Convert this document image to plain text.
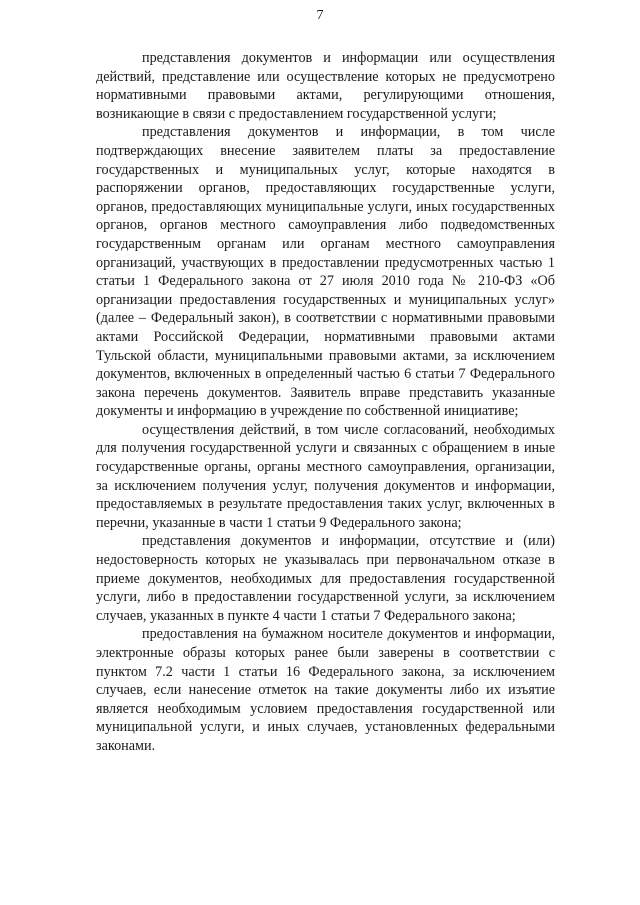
7

представления документов и информации или осуществления действий, представление или осуществление которых не предусмотрено нормативными правовыми актами, регулирующими отношения, возникающие в связи с предоставлением государственной услуги;

представления документов и информации, в том числе подтверждающих внесение заявителем платы за предоставление государственных и муниципальных услуг, которые находятся в распоряжении органов, предоставляющих государственные услуги, органов, предоставляющих муниципальные услуги, иных государственных органов, органов местного самоуправления либо подведомственных государственным органам или органам местного самоуправления организаций, участвующих в предоставлении предусмотренных частью 1 статьи 1 Федерального закона от 27 июля 2010 года № 210-ФЗ «Об организации предоставления государственных и муниципальных услуг» (далее – Федеральный закон), в соответствии с нормативными правовыми актами Российской Федерации, нормативными правовыми актами Тульской области, муниципальными правовыми актами, за исключением документов, включенных в определенный частью 6 статьи 7 Федерального закона перечень документов. Заявитель вправе представить указанные документы и информацию в учреждение по собственной инициативе;

осуществления действий, в том числе согласований, необходимых для получения государственной услуги и связанных с обращением в иные государственные органы, органы местного самоуправления, организации, за исключением получения услуг, получения документов и информации, предоставляемых в результате предоставления таких услуг, включенных в перечни, указанные в части 1 статьи 9 Федерального закона;

представления документов и информации, отсутствие и (или) недостоверность которых не указывалась при первоначальном отказе в приеме документов, необходимых для предоставления государственной услуги, либо в предоставлении государственной услуги, за исключением случаев, указанных в пункте 4 части 1 статьи 7 Федерального закона;

предоставления на бумажном носителе документов и информации, электронные образы которых ранее были заверены в соответствии с пунктом 7.2 части 1 статьи 16 Федерального закона, за исключением случаев, если нанесение отметок на такие документы либо их изъятие является необходимым условием предоставления государственной или муниципальной услуги, и иных случаев, установленных федеральными законами.
